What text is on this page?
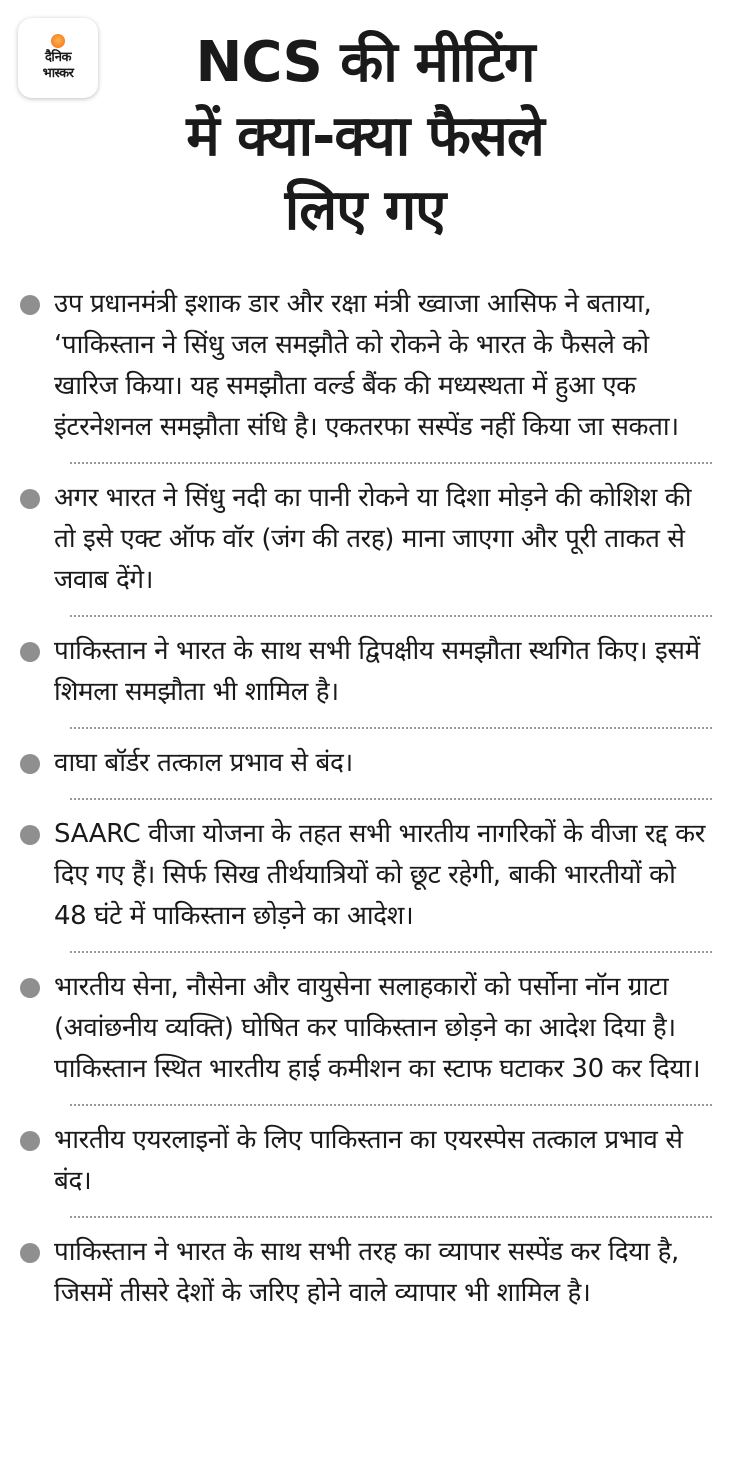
दैनिक
भास्कर	NCS की मीटिंग
में क्या-क्या फैसले
लिए गए
उप प्रधानमंत्री इशाक डार और रक्षा मंत्री ख्वाजा आसिफ ने बताया, ‘पाकिस्तान ने सिंधु जल समझौते को रोकने के भारत के फैसले को खारिज किया। यह समझौता वर्ल्ड बैंक की मध्यस्थता में हुआ एक इंटरनेशनल समझौता संधि है। एकतरफा सस्पेंड नहीं किया जा सकता।
अगर भारत ने सिंधु नदी का पानी रोकने या दिशा मोड़ने की कोशिश की तो इसे एक्ट ऑफ वॉर (जंग की तरह) माना जाएगा और पूरी ताकत से जवाब देंगे।
पाकिस्तान ने भारत के साथ सभी द्विपक्षीय समझौता स्थगित किए। इसमें शिमला समझौता भी शामिल है।
वाघा बॉर्डर तत्काल प्रभाव से बंद।
SAARC वीजा योजना के तहत सभी भारतीय नागरिकों के वीजा रद्द कर दिए गए हैं। सिर्फ सिख तीर्थयात्रियों को छूट रहेगी, बाकी भारतीयों को 48 घंटे में पाकिस्तान छोड़ने का आदेश।
भारतीय सेना, नौसेना और वायुसेना सलाहकारों को पर्सोना नॉन ग्राटा (अवांछनीय व्यक्ति) घोषित कर पाकिस्तान छोड़ने का आदेश दिया है। पाकिस्तान स्थित भारतीय हाई कमीशन का स्टाफ घटाकर 30 कर दिया।
भारतीय एयरलाइनों के लिए पाकिस्तान का एयरस्पेस तत्काल प्रभाव से बंद।
पाकिस्तान ने भारत के साथ सभी तरह का व्यापार सस्पेंड कर दिया है, जिसमें तीसरे देशों के जरिए होने वाले व्यापार भी शामिल है।
